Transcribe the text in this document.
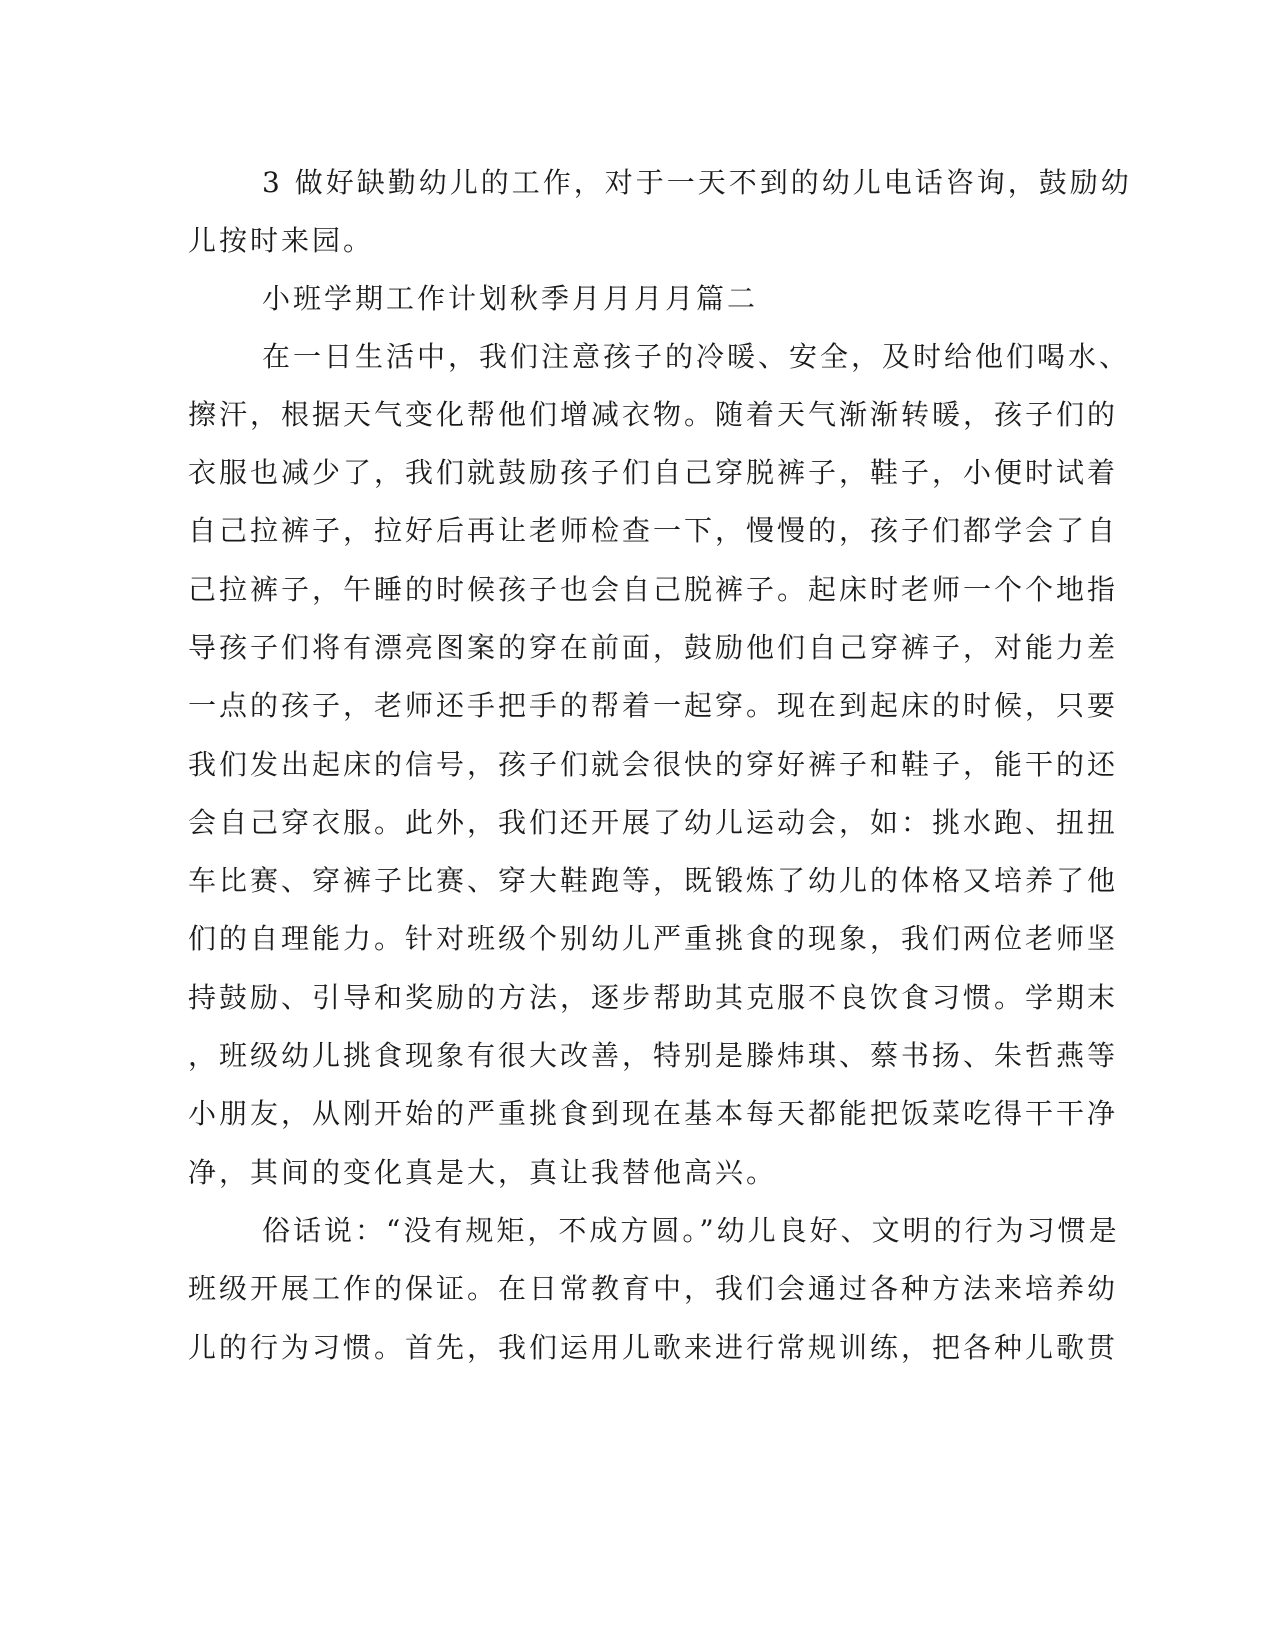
3 做好缺勤幼儿的工作，对于一天不到的幼儿电话咨询，鼓励幼
儿按时来园。
小班学期工作计划秋季月月月月篇二
在一日生活中，我们注意孩子的冷暖、安全，及时给他们喝水、
擦汗，根据天气变化帮他们增减衣物。随着天气渐渐转暖，孩子们的
衣服也减少了，我们就鼓励孩子们自己穿脱裤子，鞋子，小便时试着
自己拉裤子，拉好后再让老师检查一下，慢慢的，孩子们都学会了自
己拉裤子，午睡的时候孩子也会自己脱裤子。起床时老师一个个地指
导孩子们将有漂亮图案的穿在前面，鼓励他们自己穿裤子，对能力差
一点的孩子，老师还手把手的帮着一起穿。现在到起床的时候，只要
我们发出起床的信号，孩子们就会很快的穿好裤子和鞋子，能干的还
会自己穿衣服。此外，我们还开展了幼儿运动会，如：挑水跑、扭扭
车比赛、穿裤子比赛、穿大鞋跑等，既锻炼了幼儿的体格又培养了他
们的自理能力。针对班级个别幼儿严重挑食的现象，我们两位老师坚
持鼓励、引导和奖励的方法，逐步帮助其克服不良饮食习惯。学期末
，班级幼儿挑食现象有很大改善，特别是滕炜琪、蔡书扬、朱哲燕等
小朋友，从刚开始的严重挑食到现在基本每天都能把饭菜吃得干干净
净，其间的变化真是大，真让我替他高兴。
俗话说：“没有规矩，不成方圆。”幼儿良好、文明的行为习惯是
班级开展工作的保证。在日常教育中，我们会通过各种方法来培养幼
儿的行为习惯。首先，我们运用儿歌来进行常规训练，把各种儿歌贯
